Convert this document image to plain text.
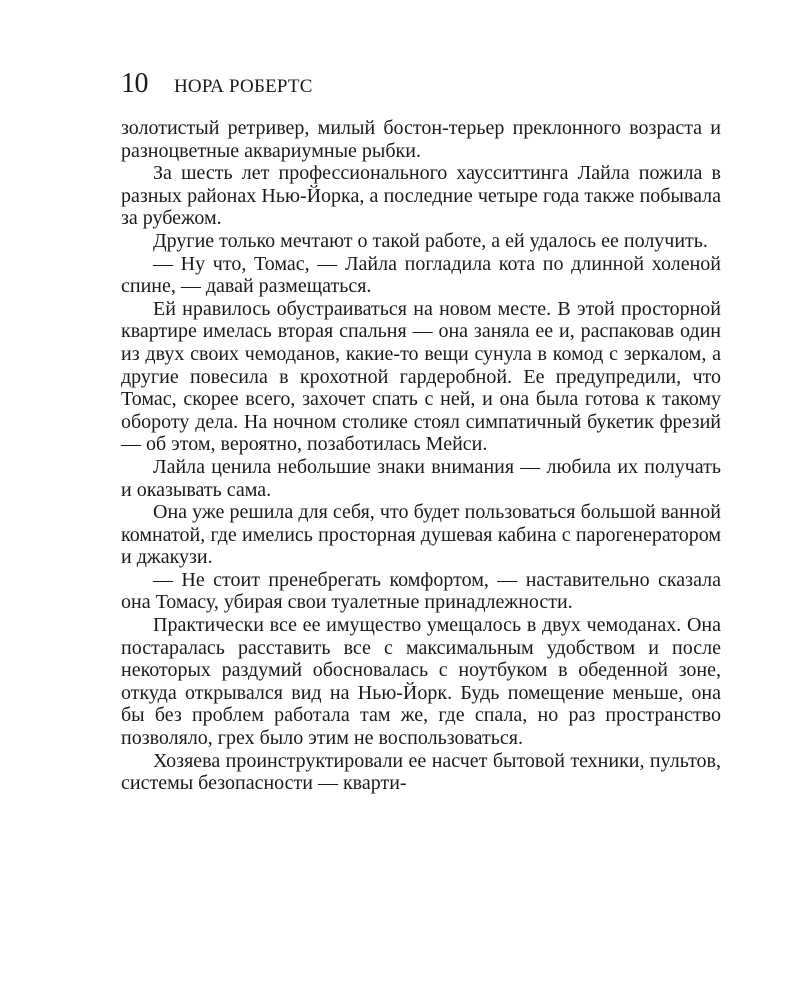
10 НОРА РОБЕРТС

золотистый ретривер, милый бостон-терьер преклонного возраста и разноцветные аквариумные рыбки.

За шесть лет профессионального хаусситтинга Лайла пожила в разных районах Нью-Йорка, а последние четыре года также побывала за рубежом.

Другие только мечтают о такой работе, а ей удалось ее получить.

— Ну что, Томас, — Лайла погладила кота по длинной холеной спине, — давай размещаться.

Ей нравилось обустраиваться на новом месте. В этой просторной квартире имелась вторая спальня — она заняла ее и, распаковав один из двух своих чемоданов, какие-то вещи сунула в комод с зеркалом, а другие повесила в крохотной гардеробной. Ее предупредили, что Томас, скорее всего, захочет спать с ней, и она была готова к такому обороту дела. На ночном столике стоял симпатичный букетик фрезий — об этом, вероятно, позаботилась Мейси.

Лайла ценила небольшие знаки внимания — любила их получать и оказывать сама.

Она уже решила для себя, что будет пользоваться большой ванной комнатой, где имелись просторная душевая кабина с парогенератором и джакузи.

— Не стоит пренебрегать комфортом, — наставительно сказала она Томасу, убирая свои туалетные принадлежности.

Практически все ее имущество умещалось в двух чемоданах. Она постаралась расставить все с максимальным удобством и после некоторых раздумий обосновалась с ноутбуком в обеденной зоне, откуда открывался вид на Нью-Йорк. Будь помещение меньше, она бы без проблем работала там же, где спала, но раз пространство позволяло, грех было этим не воспользоваться.

Хозяева проинструктировали ее насчет бытовой техники, пультов, системы безопасности — кварти-
